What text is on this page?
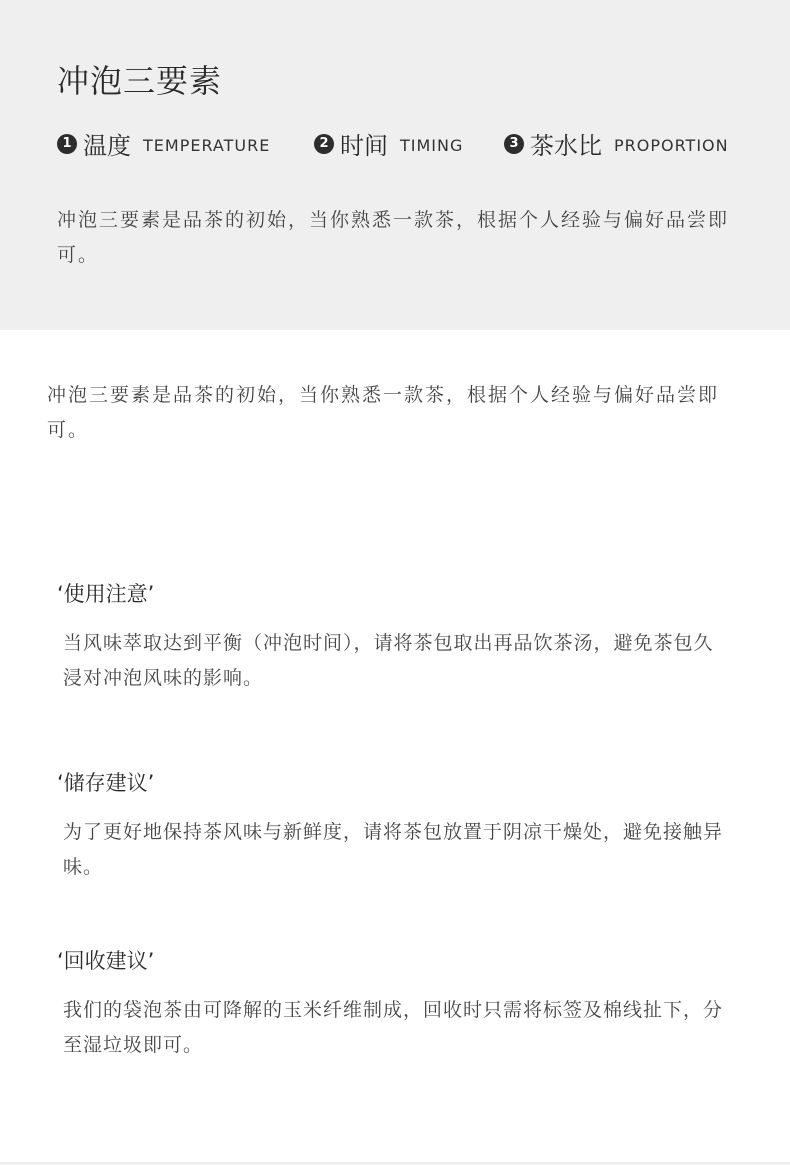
冲泡三要素
1 温度 TEMPERATURE	2 时间 TIMING	3 茶水比 PROPORTION

冲泡三要素是品茶的初始，当你熟悉一款茶，根据个人经验与偏好品尝即可。

冲泡三要素是品茶的初始，当你熟悉一款茶，根据个人经验与偏好品尝即可。

‘使用注意’

当风味萃取达到平衡（冲泡时间），请将茶包取出再品饮茶汤，避免茶包久浸对冲泡风味的影响。

‘储存建议’

为了更好地保持茶风味与新鲜度，请将茶包放置于阴凉干燥处，避免接触异味。

‘回收建议’

我们的袋泡茶由可降解的玉米纤维制成，回收时只需将标签及棉线扯下，分至湿垃圾即可。
